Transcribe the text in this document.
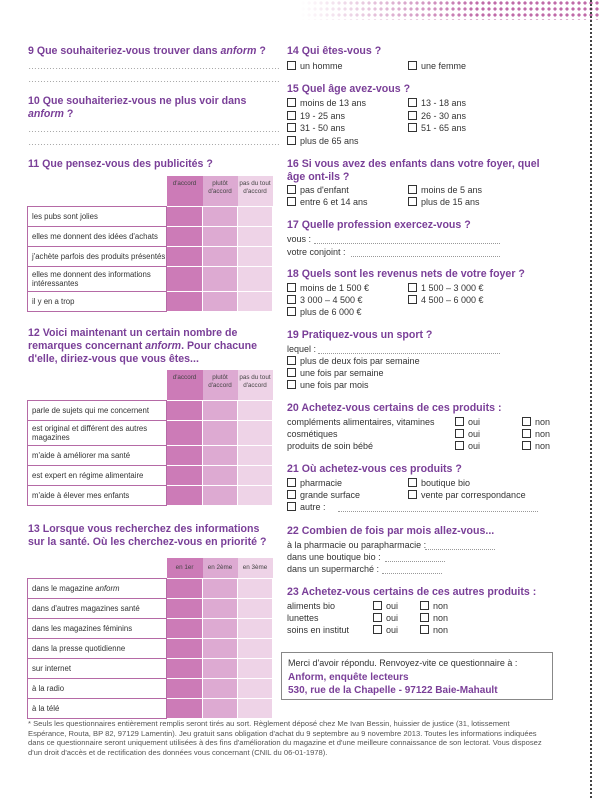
9 Que souhaiteriez-vous trouver dans anform ?
…………………………………………………………………………
…………………………………………………………………………
10 Que souhaiteriez-vous ne plus voir dans anform ?
…………………………………………………………………………
…………………………………………………………………………
11 Que pensez-vous des publicités ?
	d'accord	plutôt d'accord	pas du tout d'accord
les pubs sont jolies			
elles me donnent des idées d'achats			
j'achète parfois des produits présentés			
elles me donnent des informations intéressantes			
il y en a trop			
12 Voici maintenant un certain nombre de remarques concernant anform. Pour chacune d'elle, diriez-vous que vous êtes...
	d'accord	plutôt d'accord	pas du tout d'accord
parle de sujets qui me concernent			
est original et différent des autres magazines			
m'aide à améliorer ma santé			
est expert en régime alimentaire			
m'aide à élever mes enfants			
13 Lorsque vous recherchez des informations sur la santé. Où les cherchez-vous en priorité ?
	en 1er	en 2ème	en 3ème
dans le magazine anform			
dans d'autres magazines santé			
dans les magazines féminins			
dans la presse quotidienne			
sur internet			
à la radio			
à la télé			
14 Qui êtes-vous ?
un homme	une femme
15 Quel âge avez-vous ?
moins de 13 ans	13 - 18 ans
19 - 25 ans	26 - 30 ans
31 - 50 ans	51 - 65 ans
plus de 65 ans
16 Si vous avez des enfants dans votre foyer, quel âge ont-ils ?
pas d'enfant	moins de 5 ans
entre 6 et 14 ans	plus de 15 ans
17 Quelle profession exercez-vous ?
vous :
votre conjoint :
18 Quels sont les revenus nets de votre foyer ?
moins de 1 500 €	1 500 – 3 000 €
3 000 – 4 500 €	4 500 – 6 000 €
plus de 6 000 €
19 Pratiquez-vous un sport ?
lequel :
plus de deux fois par semaine
une fois par semaine
une fois par mois
20 Achetez-vous certains de ces produits :
compléments alimentaires, vitamines	oui	non
cosmétiques	oui	non
produits de soin bébé	oui	non
21 Où achetez-vous ces produits ?
pharmacie	boutique bio
grande surface	vente par correspondance
autre :
22 Combien de fois par mois allez-vous...
à la pharmacie ou parapharmacie :
dans une boutique bio :
dans un supermarché :
23 Achetez-vous certains de ces autres produits :
aliments bio	oui	non
lunettes	oui	non
soins en institut	oui	non
Merci d'avoir répondu. Renvoyez-vite ce questionnaire à :
Anform, enquête lecteurs
530, rue de la Chapelle - 97122 Baie-Mahault
* Seuls les questionnaires entièrement remplis seront tirés au sort. Règlement déposé chez Me Ivan Bessin, huissier de justice (31, lotissement Espérance, Routa, BP 82, 97129 Lamentin). Jeu gratuit sans obligation d'achat du 9 septembre au 9 novembre 2013. Toutes les informations indiquées dans ce questionnaire seront uniquement utilisées à des fins d'amélioration du magazine et d'une meilleure connaissance de son lectorat. Vous disposez d'un droit d'accès et de rectification des données vous concernant (CNIL du 06-01-1978).
